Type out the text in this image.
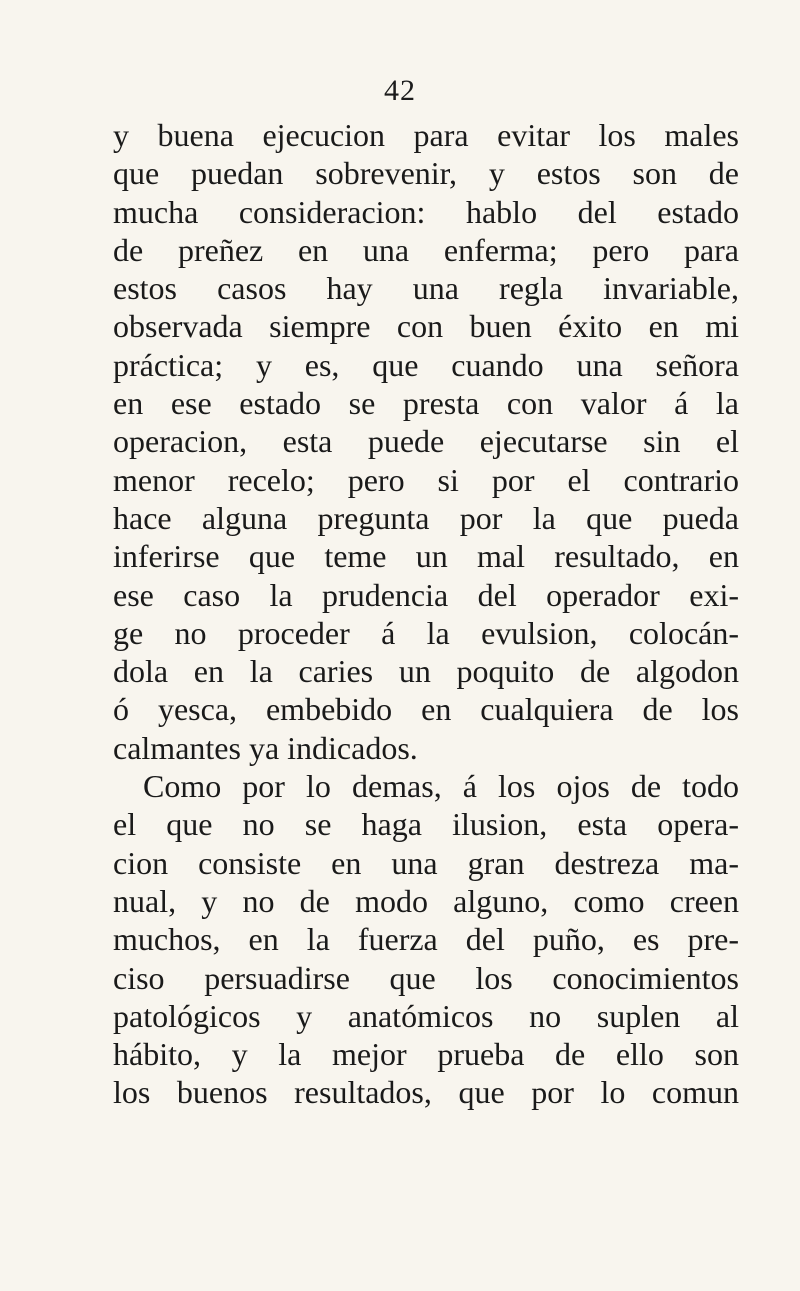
42
y buena ejecucion para evitar los males
que puedan sobrevenir, y estos son de
mucha consideracion: hablo del estado
de preñez en una enferma; pero para
estos casos hay una regla invariable,
observada siempre con buen éxito en mi
práctica; y es, que cuando una señora
en ese estado se presta con valor á la
operacion, esta puede ejecutarse sin el
menor recelo; pero si por el contrario
hace alguna pregunta por la que pueda
inferirse que teme un mal resultado, en
ese caso la prudencia del operador exi-
ge no proceder á la evulsion, colocán-
dola en la caries un poquito de algodon
ó yesca, embebido en cualquiera de los
calmantes ya indicados.
Como por lo demas, á los ojos de todo
el que no se haga ilusion, esta opera-
cion consiste en una gran destreza ma-
nual, y no de modo alguno, como creen
muchos, en la fuerza del puño, es pre-
ciso persuadirse que los conocimientos
patológicos y anatómicos no suplen al
hábito, y la mejor prueba de ello son
los buenos resultados, que por lo comun
